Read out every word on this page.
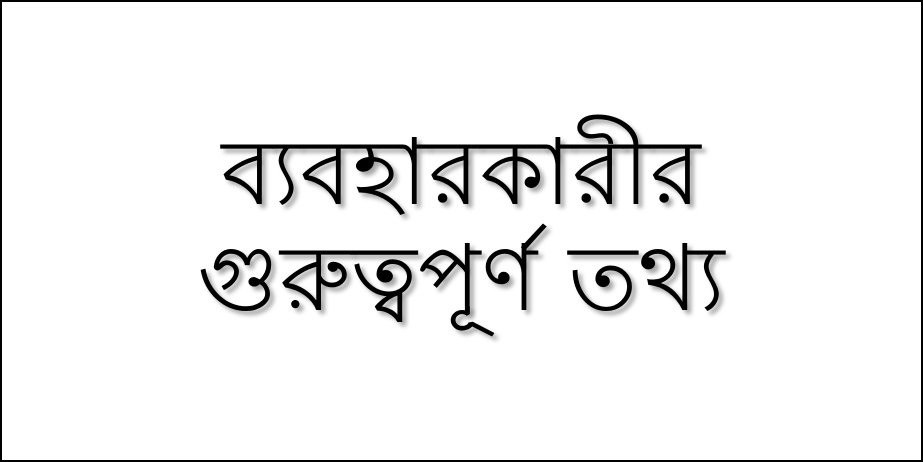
ব্যবহারকারীর
গুরুত্বপূর্ণ তথ্য
